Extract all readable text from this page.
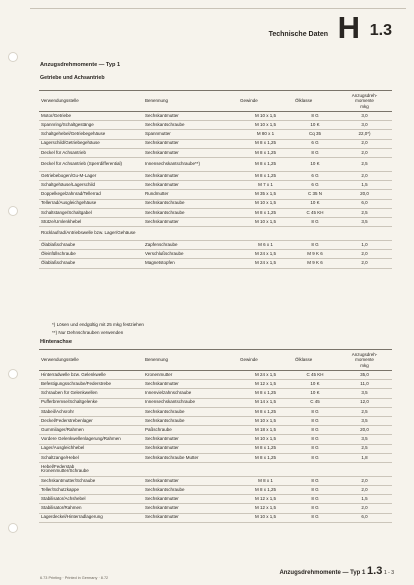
Technische Daten H 1.3
Anzugsdrehmomente — Typ 1
Getriebe und Achsantrieb
Verwendungsstelle	Benennung	Gewinde	Ölklasse	Anzugsdreh-
momente
mkg
Motor/Getriebe	Sechskantmutter	M 10 x 1,5	8 G	3,0
Spannring/Schaltgestänge	Sechskantschraube	M 10 x 1,5	10 K	3,0
Schaltgehebel/Getriebegehäuse	Spannmutter	M 80 x 1	Cq 35	22,0*)
Lagerschild/Getriebegehäuse	Sechskantmutter	M 8 x 1,25	6 G	2,0
Deckel für Achsantrieb	Sechskantmutter	M 8 x 1,25	8 G	2,0
Deckel für Achsantrieb (Sperrdifferential)	Innensechskantschraube**)	M 8 x 1,25	10 K	2,5
Getriebebogen/Gu-M-Lager	Sechskantmutter	M 8 x 1,25	6 G	2,0
Schaltgehäuse/Lagerschild	Sechskantmutter	M 7 x 1	6 G	1,5
Doppelkegelzahnrad/Tellerrad	Rundmutter	M 35 x 1,5	C 35 N	20,0
Tellerrad/Ausgleichgehäuse	Sechskantschraube	M 10 x 1,5	10 K	6,0
Schaltstange/Schaltgabel	Sechskantschraube	M 8 x 1,25	C 45 KH	2,5
Stütze/Umlenkhebel	Sechskantmutter	M 10 x 1,5	8 G	3,5
Rücklaufrad/Antriebswelle bzw. Lager/Gehäuse				
Ölablaßschraube	Zapfenschraube	M 6 x 1	8 G	1,0
Öleinfüllschraube	Verschlußschraube	M 24 x 1,5	M 9 K 6	2,0
Ölablaßschraube	Magnetstopfen	M 24 x 1,5	M 9 K 6	2,0
*) Lösen und endgültig mit 25 mkg festziehen
**) Nur Dehnschrauben verwenden
Hinterachse
Verwendungsstelle	Benennung	Gewinde	Ölklasse	Anzugsdreh-
momente
mkg
Hinterradwelle bzw. Gelenkwelle	Kronenmutter	M 24 x 1,5	C 45 KH	35,0
Befestigungsschraube/Federstrebe	Sechskantmutter	M 12 x 1,5	10 K	11,0
Schrauben für Gelenkwellen	Innenvielzahnschraube	M 8 x 1,25	10 K	3,5
Pufferbremse/Schaltgelenke	Innensechskantschraube	M 14 x 1,5	C 45	12,0
Stabeil/Achsrohr	Sechskantschraube	M 8 x 1,25	8 G	2,5
Deckel/Federstrebenlager	Sechskantschraube	M 10 x 1,5	8 G	3,5
Gummilager/Rahmen	Paßschraube	M 18 x 1,5	8 G	20,0
Vordere Gelenkwellenlagerung/Rahmen	Sechskantmutter	M 10 x 1,5	8 G	3,5
Lager/Ausgleichhebel	Sechskantmutter	M 8 x 1,25	8 G	2,5
Schaltzange/Hebel	Sechskantschraube Mutter	M 8 x 1,25	8 G	1,8
Hebel/Federstab
Kronenmutter/Schraube				
Sechskantmutter/Schraube	Sechskantmutter	M 8 x 1	8 G	2,0
Teller/Schutzkappe	Sechskantschraube	M 8 x 1,25	8 G	2,0
Stabilisator/Achshebel	Sechskantmutter	M 12 x 1,5	8 G	1,5
Stabilisator/Rahmen	Sechskantmutter	M 12 x 1,5	8 G	2,0
Lagerdeckel/Hinterradlagerung	Sechskantmutter	M 10 x 1,5	8 G	6,0
6.73 Printing · Printed in Germany · 8.72
Anzugsdrehmomente — Typ 1 1.3 1 - 3
